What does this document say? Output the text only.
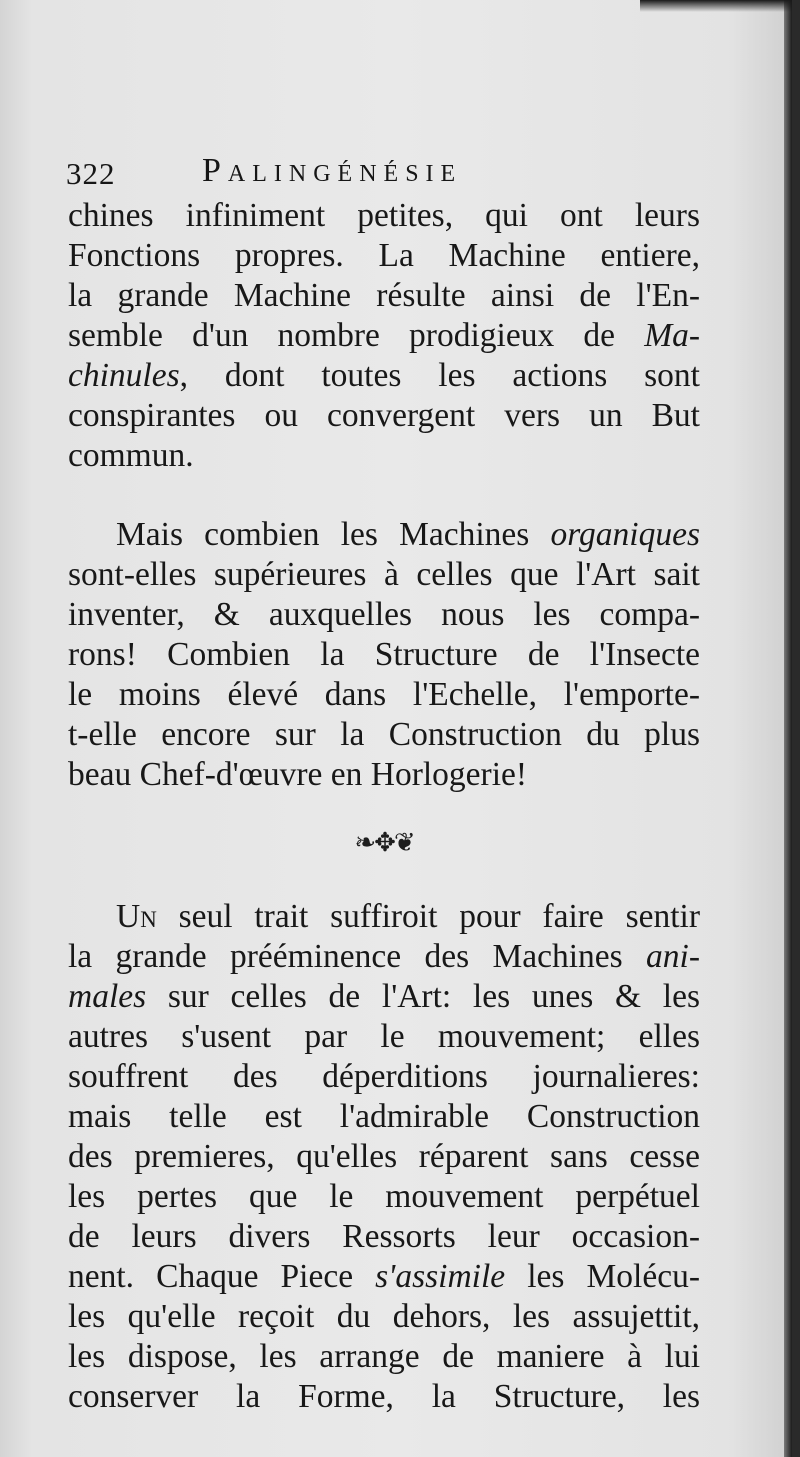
322	Palingénésie
chines infiniment petites, qui ont leurs
Fonctions propres. La Machine entiere,
la grande Machine résulte ainsi de l'En-
semble d'un nombre prodigieux de Ma-
chinules, dont toutes les actions sont
conspirantes ou convergent vers un But
commun.
Mais combien les Machines organiques
sont-elles supérieures à celles que l'Art sait
inventer, & auxquelles nous les compa-
rons! Combien la Structure de l'Insecte
le moins élevé dans l'Echelle, l'emporte-
t-elle encore sur la Construction du plus
beau Chef-d'œuvre en Horlogerie!
❧✥❦
Un seul trait suffiroit pour faire sentir
la grande prééminence des Machines ani-
males sur celles de l'Art: les unes & les
autres s'usent par le mouvement; elles
souffrent des déperditions journalieres:
mais telle est l'admirable Construction
des premieres, qu'elles réparent sans cesse
les pertes que le mouvement perpétuel
de leurs divers Ressorts leur occasion-
nent. Chaque Piece s'assimile les Molécu-
les qu'elle reçoit du dehors, les assujettit,
les dispose, les arrange de maniere à lui
conserver la Forme, la Structure, les
